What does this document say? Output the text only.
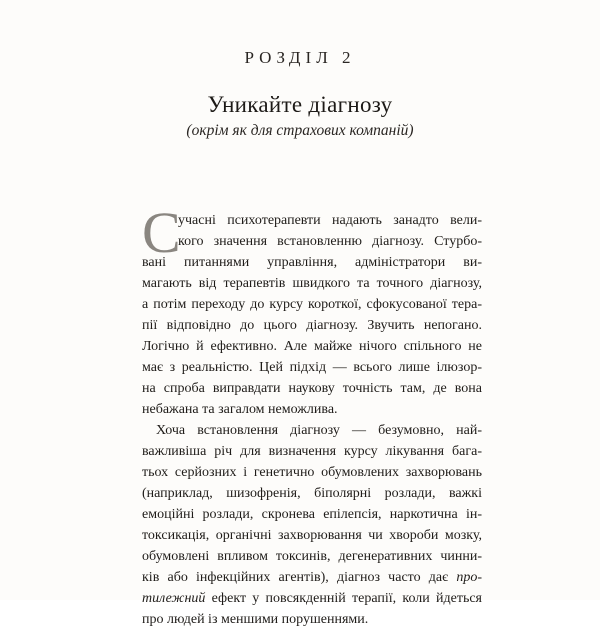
РОЗДІЛ 2
Уникайте діагнозу
(окрім як для страхових компаній)
С
учасні психотерапевти надають занадто вели-
кого значення встановленню діагнозу. Стурбо-
вані питаннями управління, адміністратори ви-
магають від терапевтів швидкого та точного діагнозу,
а потім переходу до курсу короткої, сфокусованої тера-
пії відповідно до цього діагнозу. Звучить непогано.
Логічно й ефективно. Але майже нічого спільного не
має з реальністю. Цей підхід — всього лише ілюзор-
на спроба виправдати наукову точність там, де вона
небажана та загалом неможлива.
Хоча встановлення діагнозу — безумовно, най-
важливіша річ для визначення курсу лікування бага-
тьох серйозних і генетично обумовлених захворювань
(наприклад, шизофренія, біполярні розлади, важкі
емоційні розлади, скронева епілепсія, наркотична ін-
токсикація, органічні захворювання чи хвороби мозку,
обумовлені впливом токсинів, дегенеративних чинни-
ків або інфекційних агентів), діагноз часто дає про-
тилежний ефект у повсякденній терапії, коли йдеться
про людей із меншими порушеннями.
